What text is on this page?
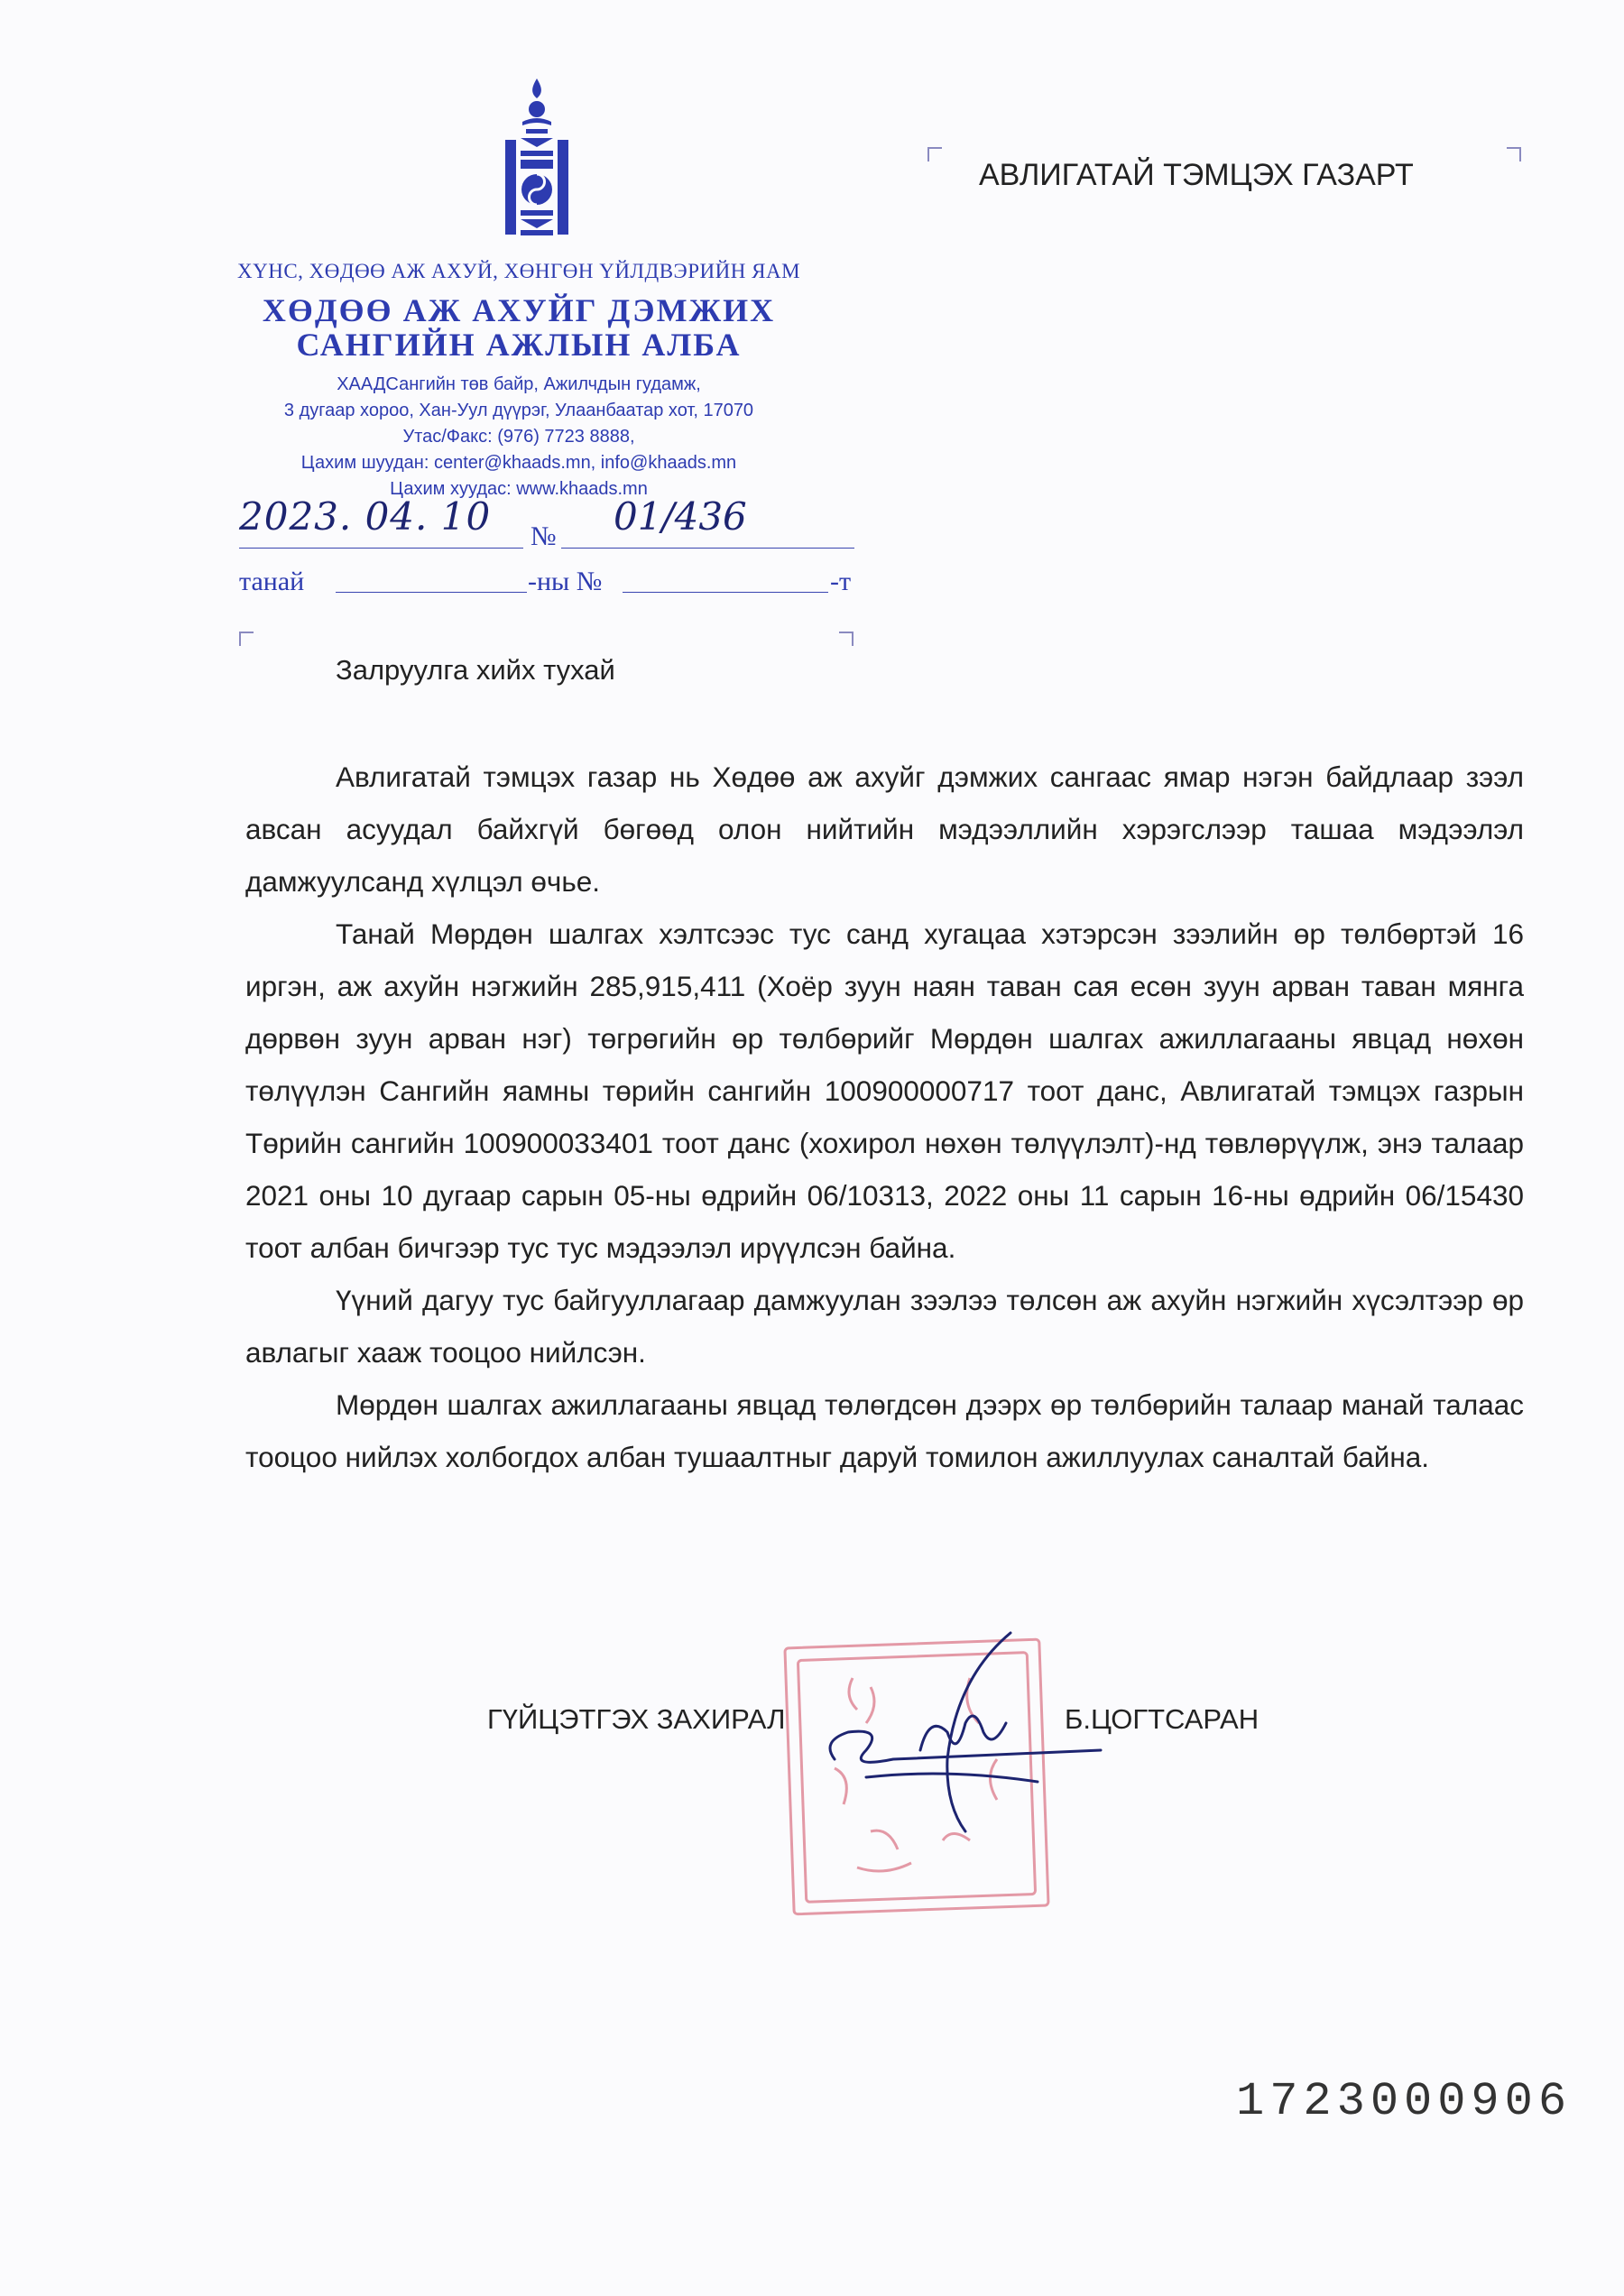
ХҮНС, ХӨДӨӨ АЖ АХУЙ, ХӨНГӨН ҮЙЛДВЭРИЙН ЯАМ
ХӨДӨӨ АЖ АХУЙГ ДЭМЖИХ
САНГИЙН АЖЛЫН АЛБА
ХААДСангийн төв байр, Ажилчдын гудамж,
3 дугаар хороо, Хан-Уул дүүрэг, Улаанбаатар хот, 17070
Утас/Факс: (976) 7723 8888,
Цахим шуудан: center@khaads.mn, info@khaads.mn
Цахим хуудас: www.khaads.mn
2023. 04. 10 № 01/436
танай	-ны №	-т
АВЛИГАТАЙ ТЭМЦЭХ ГАЗАРТ
Залруулга хийх тухай

Авлигатай тэмцэх газар нь Хөдөө аж ахуйг дэмжих сангаас ямар нэгэн байдлаар зээл авсан асуудал байхгүй бөгөөд олон нийтийн мэдээллийн хэрэгслээр ташаа мэдээлэл дамжуулсанд хүлцэл өчье.

Танай Мөрдөн шалгах хэлтсээс тус санд хугацаа хэтэрсэн зээлийн өр төлбөртэй 16 иргэн, аж ахуйн нэгжийн 285,915,411 (Хоёр зуун наян таван сая есөн зуун арван таван мянга дөрвөн зуун арван нэг) төгрөгийн өр төлбөрийг Мөрдөн шалгах ажиллагааны явцад нөхөн төлүүлэн Сангийн яамны төрийн сангийн 100900000717 тоот данс, Авлигатай тэмцэх газрын Төрийн сангийн 100900033401 тоот данс (хохирол нөхөн төлүүлэлт)-нд төвлөрүүлж, энэ талаар 2021 оны 10 дугаар сарын 05-ны өдрийн 06/10313, 2022 оны 11 сарын 16-ны өдрийн 06/15430 тоот албан бичгээр тус тус мэдээлэл ирүүлсэн байна.

Үүний дагуу тус байгууллагаар дамжуулан зээлээ төлсөн аж ахуйн нэгжийн хүсэлтээр өр авлагыг хааж тооцоо нийлсэн.

Мөрдөн шалгах ажиллагааны явцад төлөгдсөн дээрх өр төлбөрийн талаар манай талаас тооцоо нийлэх холбогдох албан тушаалтныг даруй томилон ажиллуулах саналтай байна.

ГҮЙЦЭТГЭХ ЗАХИРАЛ	Б.ЦОГТСАРАН
1723000906
